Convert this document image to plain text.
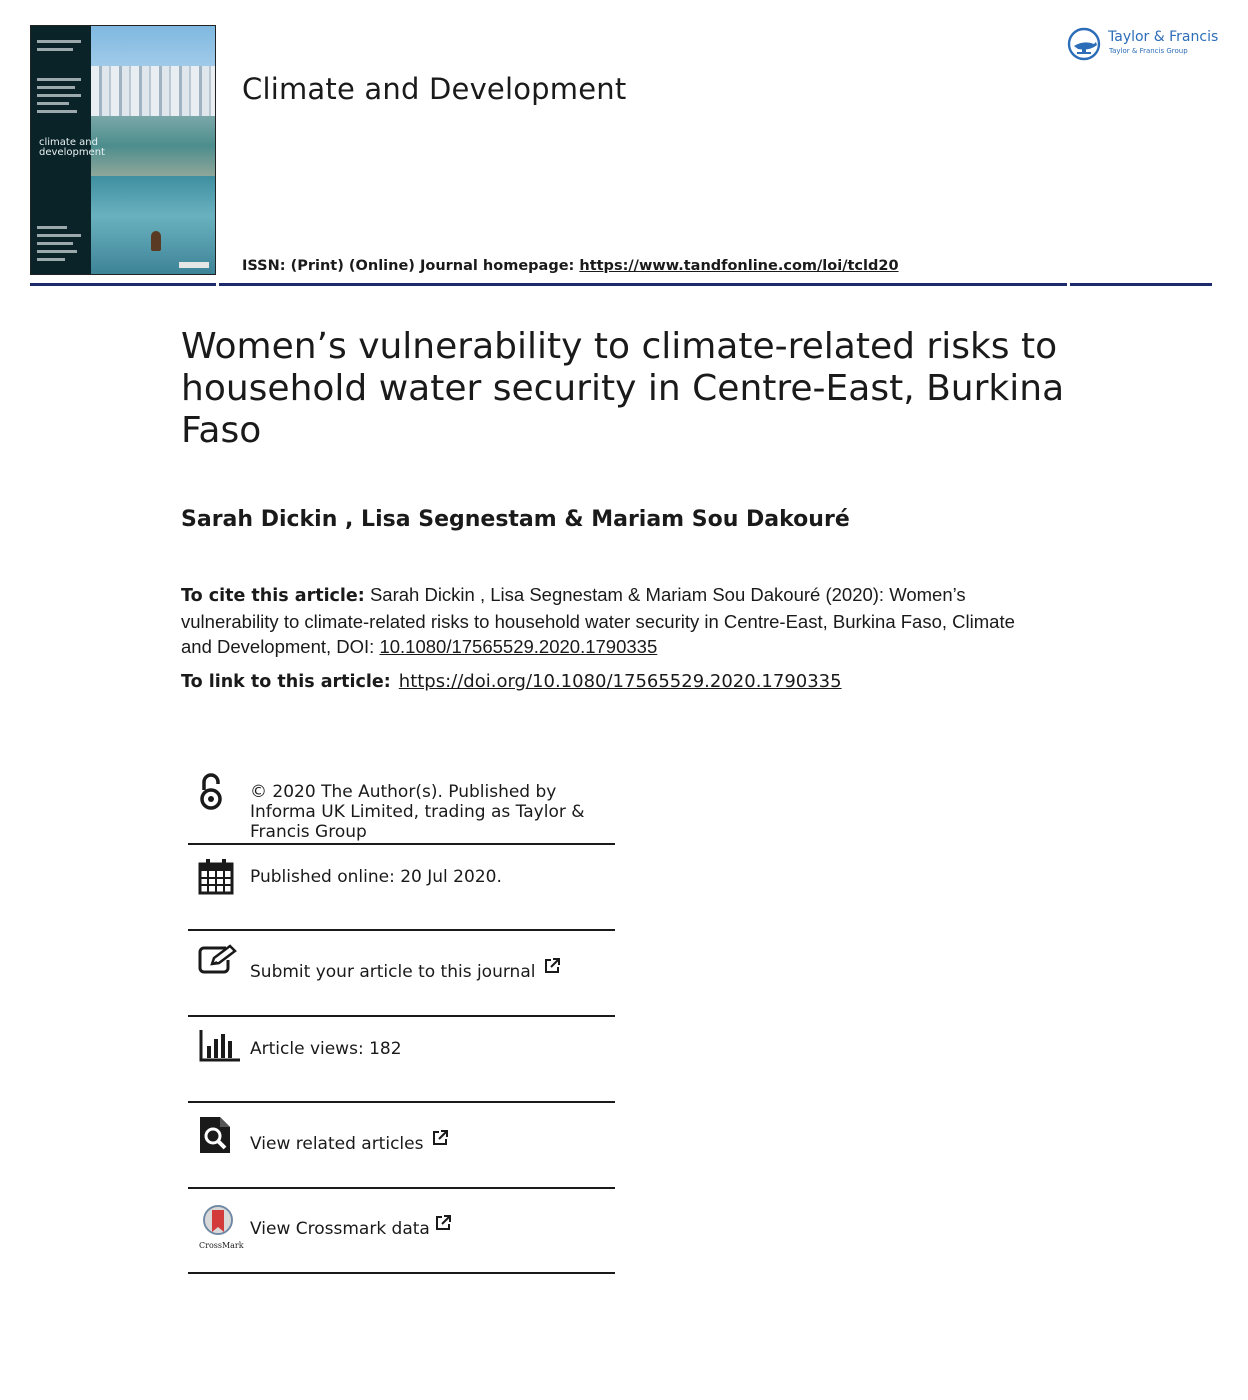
climate and
development
Climate and Development
ISSN: (Print) (Online) Journal homepage: https://www.tandfonline.com/loi/tcld20
Taylor & Francis
Taylor & Francis Group
Women’s vulnerability to climate-related risks to household water security in Centre-East, Burkina Faso
Sarah Dickin , Lisa Segnestam & Mariam Sou Dakouré
To cite this article: Sarah Dickin , Lisa Segnestam & Mariam Sou Dakouré (2020): Women’s vulnerability to climate-related risks to household water security in Centre-East, Burkina Faso, Climate and Development, DOI: 10.1080/17565529.2020.1790335
To link to this article: https://doi.org/10.1080/17565529.2020.1790335
© 2020 The Author(s). Published by Informa UK Limited, trading as Taylor & Francis Group
Published online: 20 Jul 2020.
Submit your article to this journal
Article views: 182
View related articles
CrossMark
View Crossmark data
